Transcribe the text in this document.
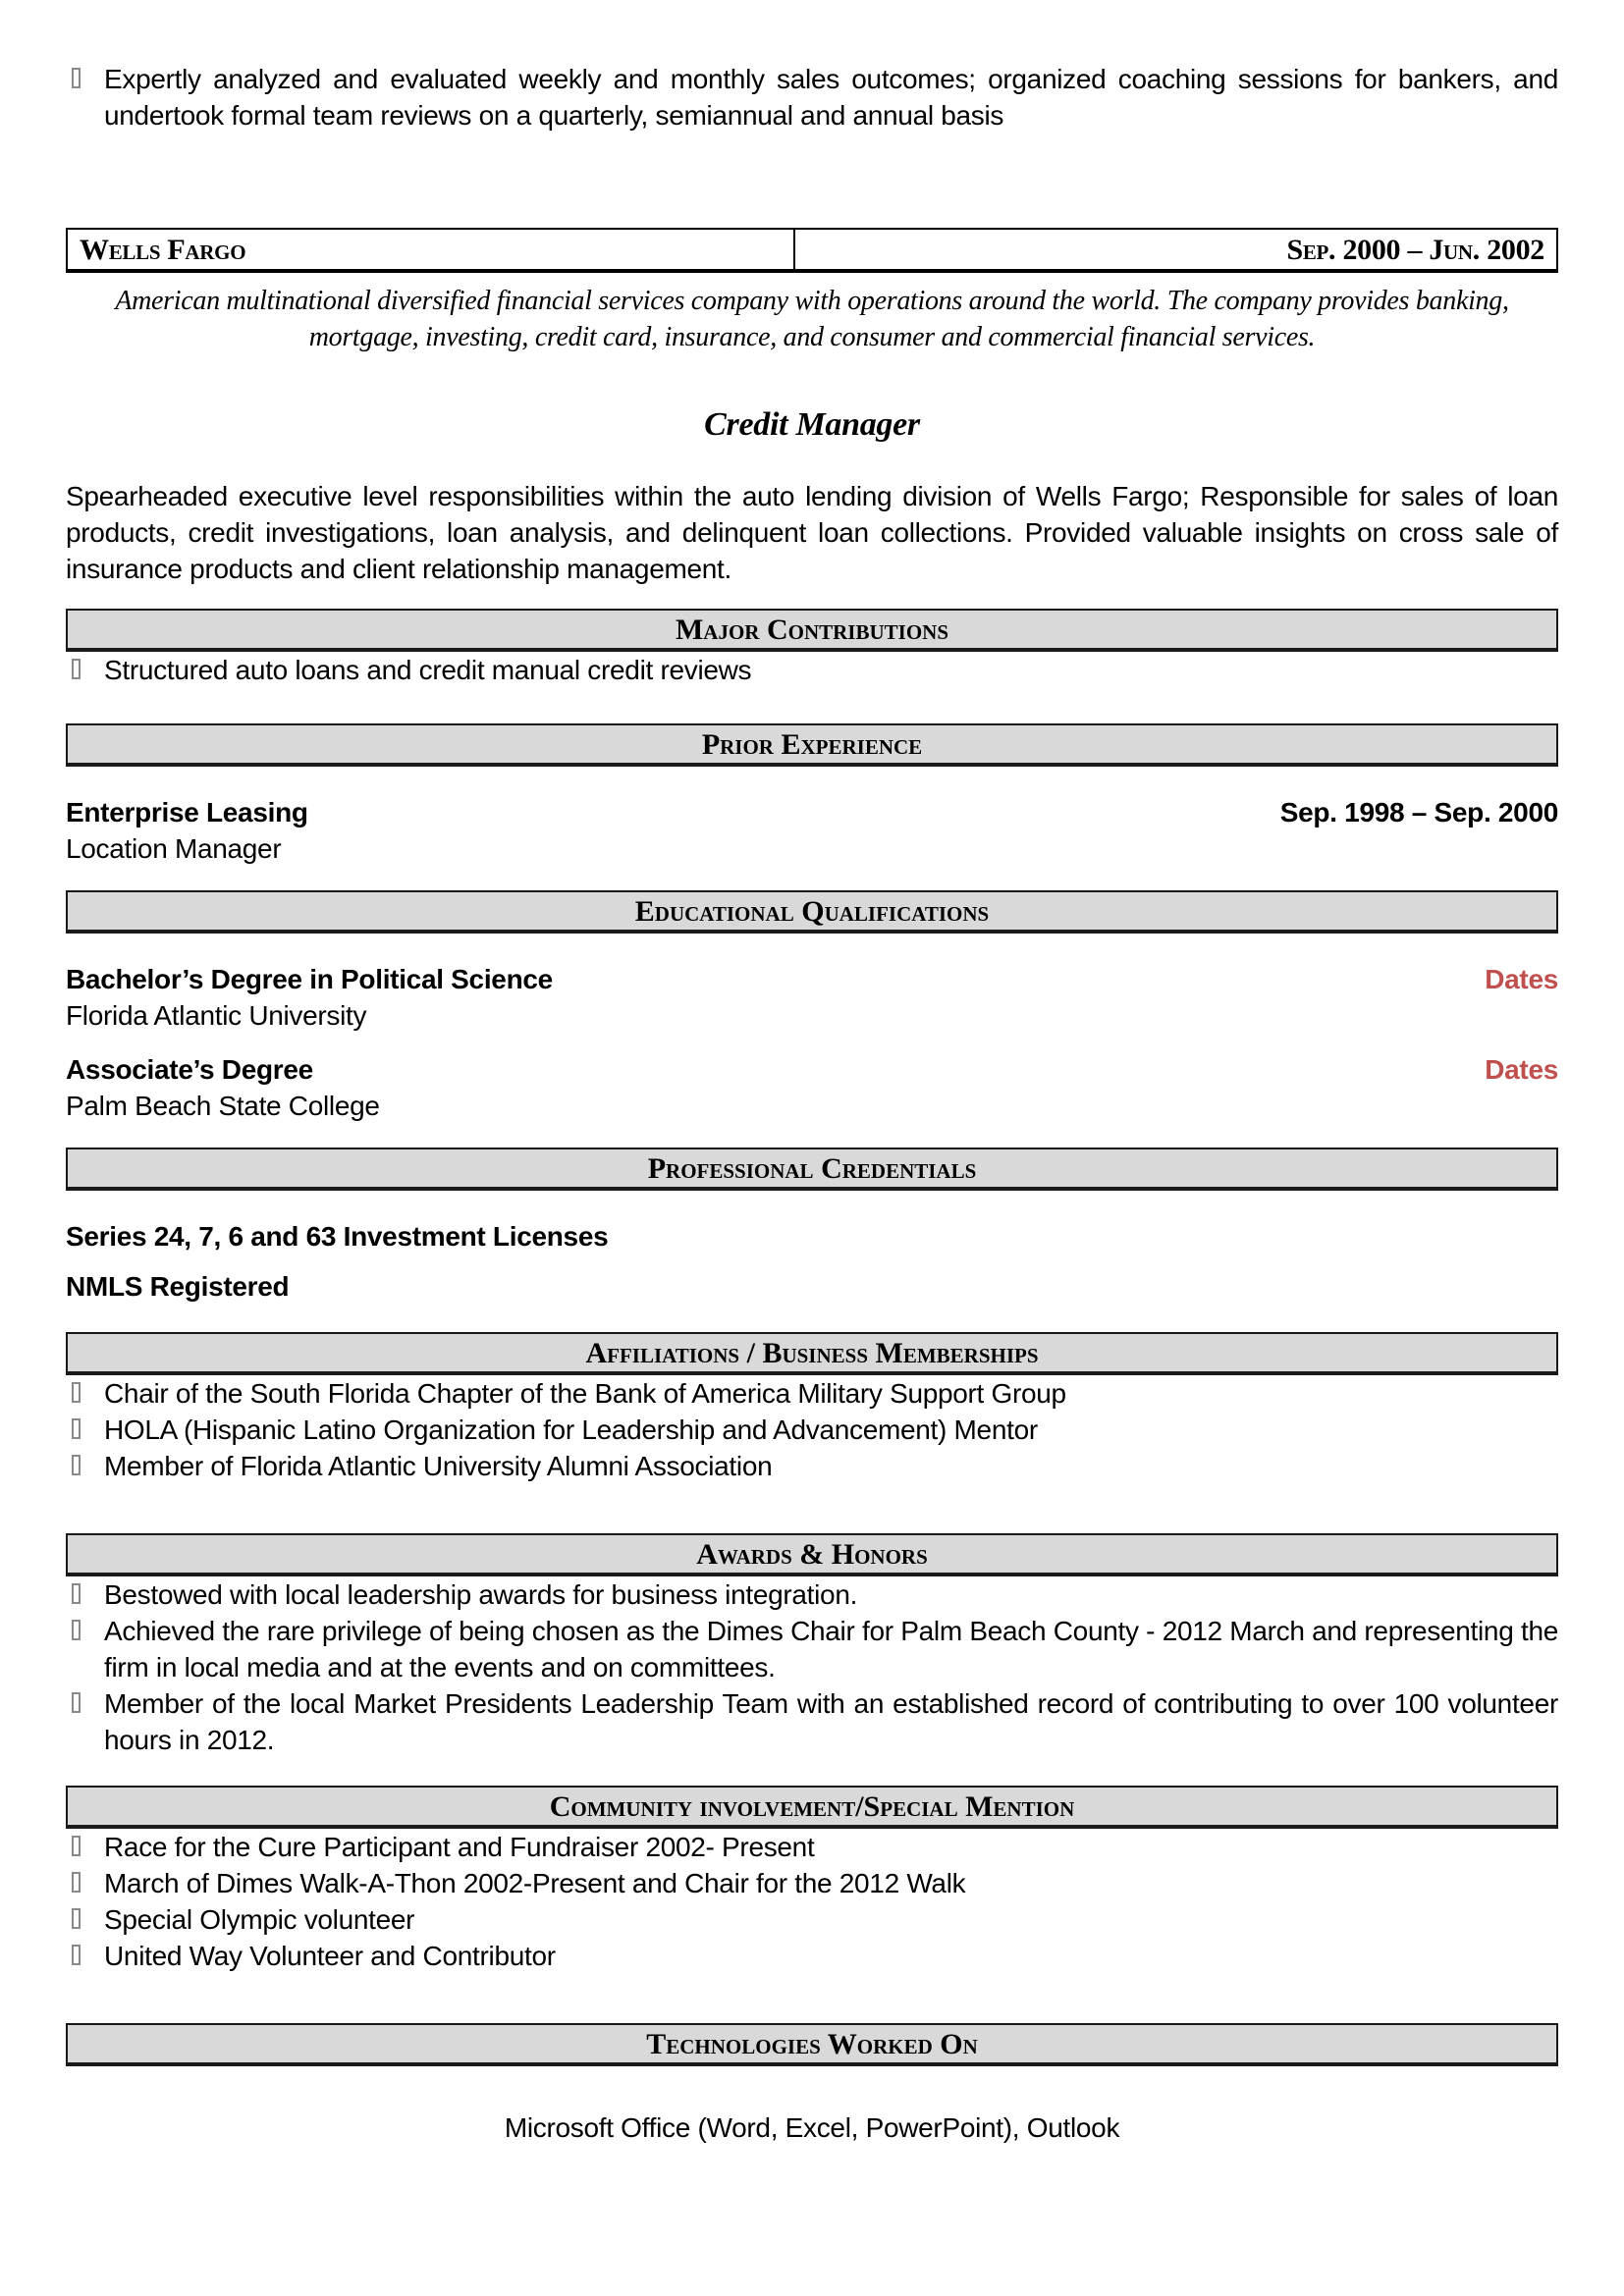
Expertly analyzed and evaluated weekly and monthly sales outcomes; organized coaching sessions for bankers, and undertook formal team reviews on a quarterly, semiannual and annual basis
Wells Fargo	Sep. 2000 – Jun. 2002

American multinational diversified financial services company with operations around the world. The company provides banking, mortgage, investing, credit card, insurance, and consumer and commercial financial services.

Credit Manager

Spearheaded executive level responsibilities within the auto lending division of Wells Fargo; Responsible for sales of loan products, credit investigations, loan analysis, and delinquent loan collections. Provided valuable insights on cross sale of insurance products and client relationship management.

Major Contributions
Structured auto loans and credit manual credit reviews
Prior Experience
Enterprise Leasing	Sep. 1998 – Sep. 2000
Location Manager
Educational Qualifications
Bachelor’s Degree in Political Science	Dates
Florida Atlantic University
Associate’s Degree	Dates
Palm Beach State College
Professional Credentials
Series 24, 7, 6 and 63 Investment Licenses
NMLS Registered
Affiliations / Business Memberships
Chair of the South Florida Chapter of the Bank of America Military Support Group
HOLA (Hispanic Latino Organization for Leadership and Advancement) Mentor
Member of Florida Atlantic University Alumni Association
Awards & Honors
Bestowed with local leadership awards for business integration.
Achieved the rare privilege of being chosen as the Dimes Chair for Palm Beach County - 2012 March and representing the firm in local media and at the events and on committees.
Member of the local Market Presidents Leadership Team with an established record of contributing to over 100 volunteer hours in 2012.
Community involvement/Special Mention
Race for the Cure Participant and Fundraiser 2002- Present
March of Dimes Walk-A-Thon 2002-Present and Chair for the 2012 Walk
Special Olympic volunteer
United Way Volunteer and Contributor
Technologies Worked On
Microsoft Office (Word, Excel, PowerPoint), Outlook
